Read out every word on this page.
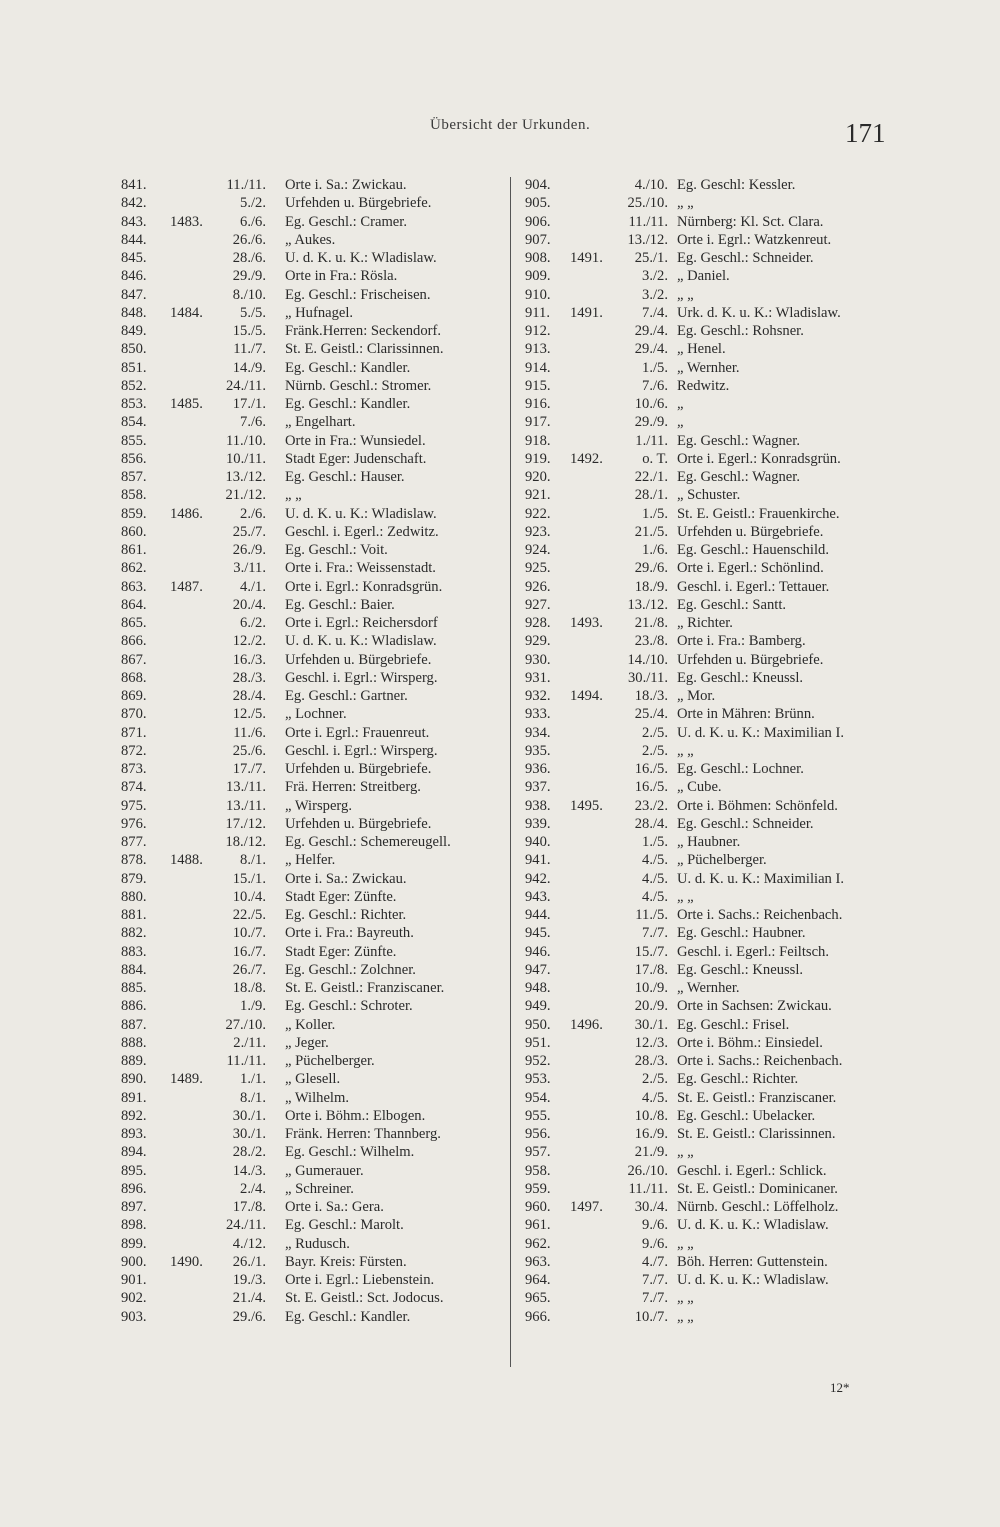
Übersicht der Urkunden.	171
841.	11./11. Orte i. Sa.: Zwickau.
842.	5./2. Urfehden u. Bürgebriefe.
843. 1483.	6./6. Eg. Geschl.: Cramer.
844.	26./6. „ Aukes.
845.	28./6. U. d. K. u. K.: Wladislaw.
846.	29./9. Orte in Fra.: Rösla.
847.	8./10. Eg. Geschl.: Frischeisen.
848. 1484.	5./5. „ Hufnagel.
849.	15./5. Fränk.Herren: Seckendorf.
850.	11./7. St. E. Geistl.: Clarissinnen.
851.	14./9. Eg. Geschl.: Kandler.
852.	24./11. Nürnb. Geschl.: Stromer.
853. 1485.	17./1. Eg. Geschl.: Kandler.
854.	7./6. „ Engelhart.
855.	11./10. Orte in Fra.: Wunsiedel.
856.	10./11. Stadt Eger: Judenschaft.
857.	13./12. Eg. Geschl.: Hauser.
858.	21./12. „ „
859. 1486.	2./6. U. d. K. u. K.: Wladislaw.
860.	25./7. Geschl. i. Egerl.: Zedwitz.
861.	26./9. Eg. Geschl.: Voit.
862.	3./11. Orte i. Fra.: Weissenstadt.
863. 1487.	4./1. Orte i. Egrl.: Konradsgrün.
864.	20./4. Eg. Geschl.: Baier.
865.	6./2. Orte i. Egrl.: Reichersdorf
866.	12./2. U. d. K. u. K.: Wladislaw.
867.	16./3. Urfehden u. Bürgebriefe.
868.	28./3. Geschl. i. Egrl.: Wirsperg.
869.	28./4. Eg. Geschl.: Gartner.
870.	12./5. „ Lochner.
871.	11./6. Orte i. Egrl.: Frauenreut.
872.	25./6. Geschl. i. Egrl.: Wirsperg.
873.	17./7. Urfehden u. Bürgebriefe.
874.	13./11. Frä. Herren: Streitberg.
975.	13./11. „ Wirsperg.
976.	17./12. Urfehden u. Bürgebriefe.
877.	18./12. Eg. Geschl.: Schemereugell.
878. 1488.	8./1. „ Helfer.
879.	15./1. Orte i. Sa.: Zwickau.
880.	10./4. Stadt Eger: Zünfte.
881.	22./5. Eg. Geschl.: Richter.
882.	10./7. Orte i. Fra.: Bayreuth.
883.	16./7. Stadt Eger: Zünfte.
884.	26./7. Eg. Geschl.: Zolchner.
885.	18./8. St. E. Geistl.: Franziscaner.
886.	1./9. Eg. Geschl.: Schroter.
887.	27./10. „ Koller.
888.	2./11. „ Jeger.
889.	11./11. „ Püchelberger.
890. 1489.	1./1. „ Glesell.
891.	8./1. „ Wilhelm.
892.	30./1. Orte i. Böhm.: Elbogen.
893.	30./1. Fränk. Herren: Thannberg.
894.	28./2. Eg. Geschl.: Wilhelm.
895.	14./3. „ Gumerauer.
896.	2./4. „ Schreiner.
897.	17./8. Orte i. Sa.: Gera.
898.	24./11. Eg. Geschl.: Marolt.
899.	4./12. „ Rudusch.
900. 1490.	26./1. Bayr. Kreis: Fürsten.
901.	19./3. Orte i. Egrl.: Liebenstein.
902.	21./4. St. E. Geistl.: Sct. Jodocus.
903.	29./6. Eg. Geschl.: Kandler.
904.	4./10. Eg. Geschl: Kessler.
905.	25./10. „ „
906.	11./11. Nürnberg: Kl. Sct. Clara.
907.	13./12. Orte i. Egrl.: Watzkenreut.
908. 1491.	25./1. Eg. Geschl.: Schneider.
909.	3./2. „ Daniel.
910.	3./2. „ „
911. 1491.	7./4. Urk. d. K. u. K.: Wladislaw.
912.	29./4. Eg. Geschl.: Rohsner.
913.	29./4. „ Henel.
914.	1./5. „ Wernher.
915.	7./6. Redwitz.
916.	10./6. „
917.	29./9. „
918.	1./11. Eg. Geschl.: Wagner.
919. 1492.	o. T. Orte i. Egerl.: Konradsgrün.
920.	22./1. Eg. Geschl.: Wagner.
921.	28./1. „ Schuster.
922.	1./5. St. E. Geistl.: Frauenkirche.
923.	21./5. Urfehden u. Bürgebriefe.
924.	1./6. Eg. Geschl.: Hauenschild.
925.	29./6. Orte i. Egerl.: Schönlind.
926.	18./9. Geschl. i. Egerl.: Tettauer.
927.	13./12. Eg. Geschl.: Santt.
928. 1493.	21./8. „ Richter.
929.	23./8. Orte i. Fra.: Bamberg.
930.	14./10. Urfehden u. Bürgebriefe.
931.	30./11. Eg. Geschl.: Kneussl.
932. 1494.	18./3. „ Mor.
933.	25./4. Orte in Mähren: Brünn.
934.	2./5. U. d. K. u. K.: Maximilian I.
935.	2./5. „ „
936.	16./5. Eg. Geschl.: Lochner.
937.	16./5. „ Cube.
938. 1495.	23./2. Orte i. Böhmen: Schönfeld.
939.	28./4. Eg. Geschl.: Schneider.
940.	1./5. „ Haubner.
941.	4./5. „ Püchelberger.
942.	4./5. U. d. K. u. K.: Maximilian I.
943.	4./5. „ „
944.	11./5. Orte i. Sachs.: Reichenbach.
945.	7./7. Eg. Geschl.: Haubner.
946.	15./7. Geschl. i. Egerl.: Feiltsch.
947.	17./8. Eg. Geschl.: Kneussl.
948.	10./9. „ Wernher.
949.	20./9. Orte in Sachsen: Zwickau.
950. 1496.	30./1. Eg. Geschl.: Frisel.
951.	12./3. Orte i. Böhm.: Einsiedel.
952.	28./3. Orte i. Sachs.: Reichenbach.
953.	2./5. Eg. Geschl.: Richter.
954.	4./5. St. E. Geistl.: Franziscaner.
955.	10./8. Eg. Geschl.: Ubelacker.
956.	16./9. St. E. Geistl.: Clarissinnen.
957.	21./9. „ „
958.	26./10. Geschl. i. Egerl.: Schlick.
959.	11./11. St. E. Geistl.: Dominicaner.
960. 1497.	30./4. Nürnb. Geschl.: Löffelholz.
961.	9./6. U. d. K. u. K.: Wladislaw.
962.	9./6. „ „
963.	4./7. Böh. Herren: Guttenstein.
964.	7./7. U. d. K. u. K.: Wladislaw.
965.	7./7. „ „
966.	10./7. „ „
12*
